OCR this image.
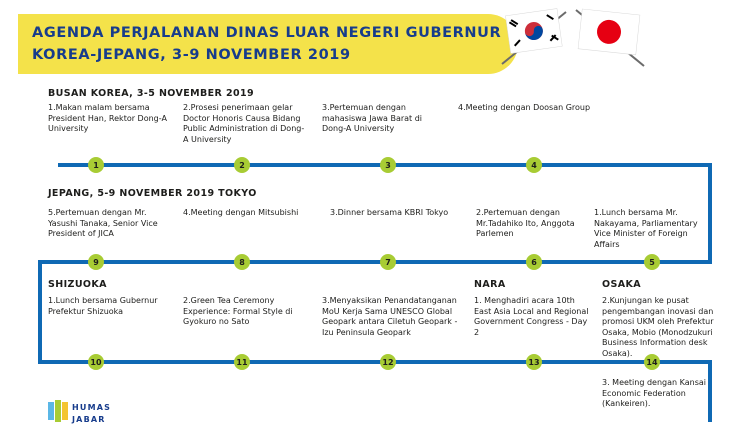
AGENDA PERJALANAN DINAS LUAR NEGERI GUBERNUR KOREA-JEPANG, 3-9 NOVEMBER 2019
BUSAN KOREA, 3-5 NOVEMBER 2019
JEPANG, 5-9 NOVEMBER 2019 TOKYO
SHIZUOKA	NARA	OSAKA
1.Makan malam bersama President Han, Rektor Dong-A University
2.Prosesi penerimaan gelar Doctor Honoris Causa Bidang Public Administration di Dong-A University
3.Pertemuan dengan mahasiswa Jawa Barat di Dong-A University
4.Meeting dengan Doosan Group
5.Pertemuan dengan Mr. Yasushi Tanaka, Senior Vice President of JICA
4.Meeting dengan Mitsubishi	3.Dinner bersama KBRI Tokyo	2.Pertemuan dengan Mr.Tadahiko Ito, Anggota Parlemen
1.Lunch bersama Mr. Nakayama, Parliamentary Vice Minister of Foreign Affairs
1.Lunch bersama Gubernur Prefektur Shizuoka
2.Green Tea Ceremony Experience: Formal Style di Gyokuro no Sato
3.Menyaksikan Penandatanganan MoU Kerja Sama UNESCO Global Geopark antara Ciletuh Geopark - Izu Peninsula Geopark
1. Menghadiri acara 10th East Asia Local and Regional Government Congress - Day 2
2.Kunjungan ke pusat pengembangan inovasi dan promosi UKM oleh Prefektur Osaka, Mobio (Monodzukuri Business Information desk Osaka).
3. Meeting dengan Kansai Economic Federation (Kankeiren).
1	2	3	4
9	8	7	6	5
10	11	12	13	14
HUMAS
JABAR
